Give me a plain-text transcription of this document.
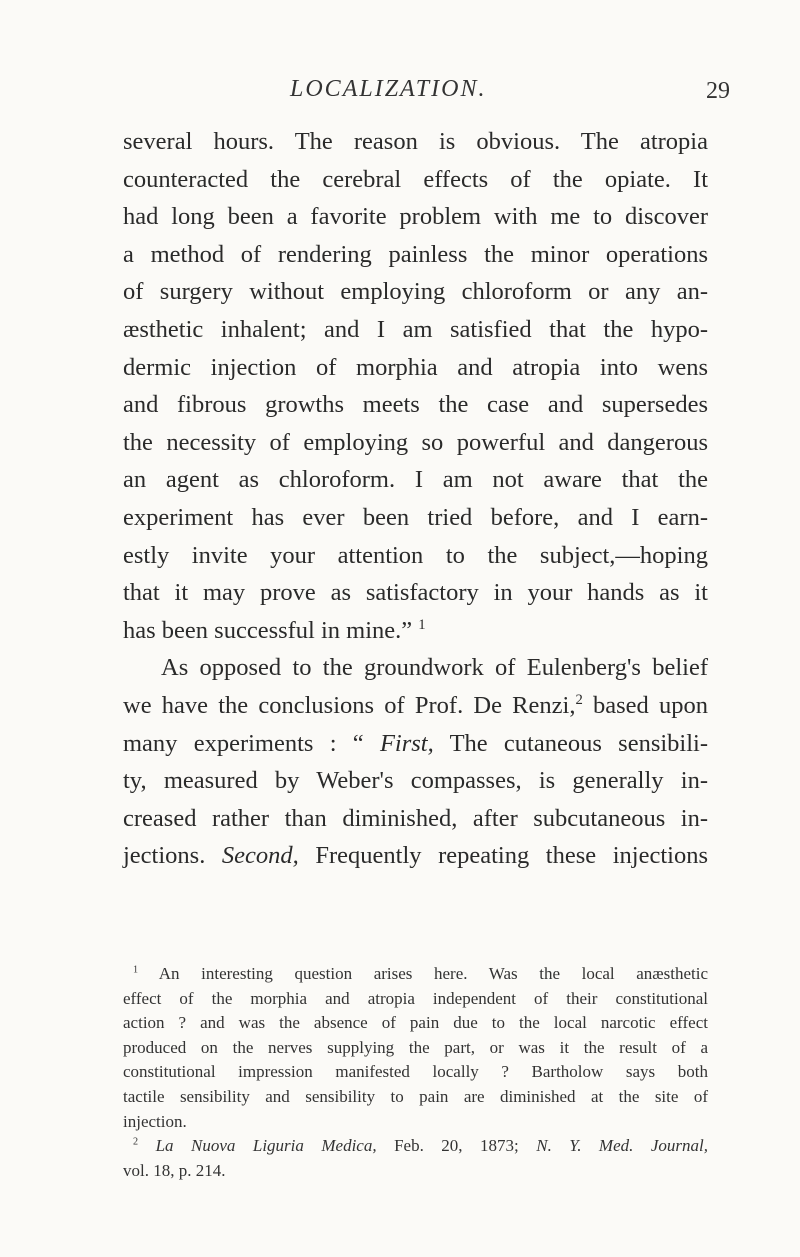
LOCALIZATION.	29
several hours. The reason is obvious. The atropia
counteracted the cerebral effects of the opiate. It
had long been a favorite problem with me to discover
a method of rendering painless the minor operations
of surgery without employing chloroform or any an-
æsthetic inhalent; and I am satisfied that the hypo-
dermic injection of morphia and atropia into wens
and fibrous growths meets the case and supersedes
the necessity of employing so powerful and dangerous
an agent as chloroform. I am not aware that the
experiment has ever been tried before, and I earn-
estly invite your attention to the subject,—hoping
that it may prove as satisfactory in your hands as it
has been successful in mine.” $^1$
As opposed to the groundwork of Eulenberg's belief
we have the conclusions of Prof. De Renzi,$^2$ based upon
many experiments : “ First, The cutaneous sensibili-
ty, measured by Weber's compasses, is generally in-
creased rather than diminished, after subcutaneous in-
jections. Second, Frequently repeating these injections
$^1$ An interesting question arises here. Was the local anæsthetic
effect of the morphia and atropia independent of their constitutional
action ? and was the absence of pain due to the local narcotic effect
produced on the nerves supplying the part, or was it the result of a
constitutional impression manifested locally ? Bartholow says both
tactile sensibility and sensibility to pain are diminished at the site of
injection.
$^2$ La Nuova Liguria Medica, Feb. 20, 1873; N. Y. Med. Journal,
vol. 18, p. 214.
